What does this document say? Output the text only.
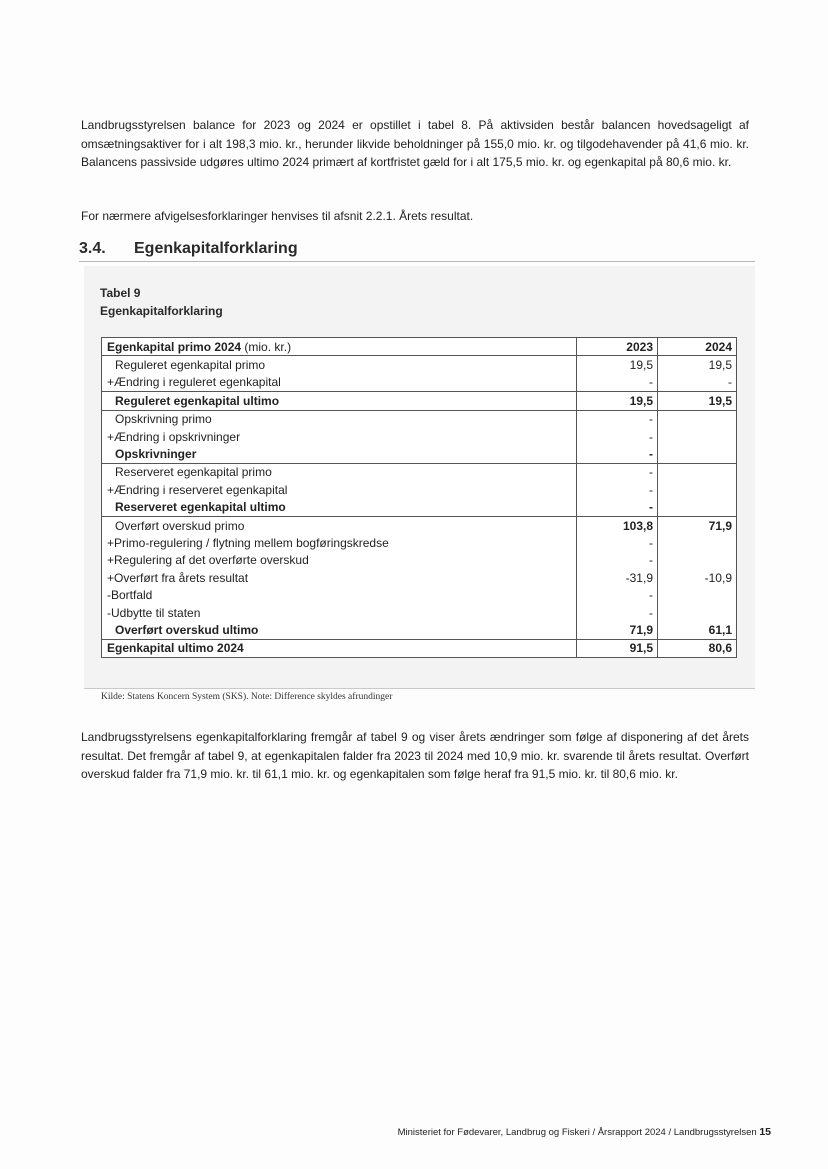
Landbrugsstyrelsen balance for 2023 og 2024 er opstillet i tabel 8. På aktivsiden består balancen hovedsageligt af omsætningsaktiver for i alt 198,3 mio. kr., herunder likvide beholdninger på 155,0 mio. kr. og tilgodehavender på 41,6 mio. kr. Balancens passivside udgøres ultimo 2024 primært af kortfristet gæld for i alt 175,5 mio. kr. og egenkapital på 80,6 mio. kr.

For nærmere afvigelsesforklaringer henvises til afsnit 2.2.1. Årets resultat.

3.4. Egenkapitalforklaring
Tabel 9
Egenkapitalforklaring
Egenkapital primo 2024 (mio. kr.)	2023	2024
Reguleret egenkapital primo	19,5	19,5
+Ændring i reguleret egenkapital	-	-
Reguleret egenkapital ultimo	19,5	19,5
Opskrivning primo	-	
+Ændring i opskrivninger	-	
Opskrivninger	-	
Reserveret egenkapital primo	-	
+Ændring i reserveret egenkapital	-	
Reserveret egenkapital ultimo	-	
Overført overskud primo	103,8	71,9
+Primo-regulering / flytning mellem bogføringskredse	-	
+Regulering af det overførte overskud	-	
+Overført fra årets resultat	-31,9	-10,9
-Bortfald	-	
-Udbytte til staten	-	
Overført overskud ultimo	71,9	61,1
Egenkapital ultimo 2024	91,5	80,6
Kilde: Statens Koncern System (SKS). Note: Difference skyldes afrundinger

Landbrugsstyrelsens egenkapitalforklaring fremgår af tabel 9 og viser årets ændringer som følge af disponering af det årets resultat. Det fremgår af tabel 9, at egenkapitalen falder fra 2023 til 2024 med 10,9 mio. kr. svarende til årets resultat. Overført overskud falder fra 71,9 mio. kr. til 61,1 mio. kr. og egenkapitalen som følge heraf fra 91,5 mio. kr. til 80,6 mio. kr.

Ministeriet for Fødevarer, Landbrug og Fiskeri / Årsrapport 2024 / Landbrugsstyrelsen 15
